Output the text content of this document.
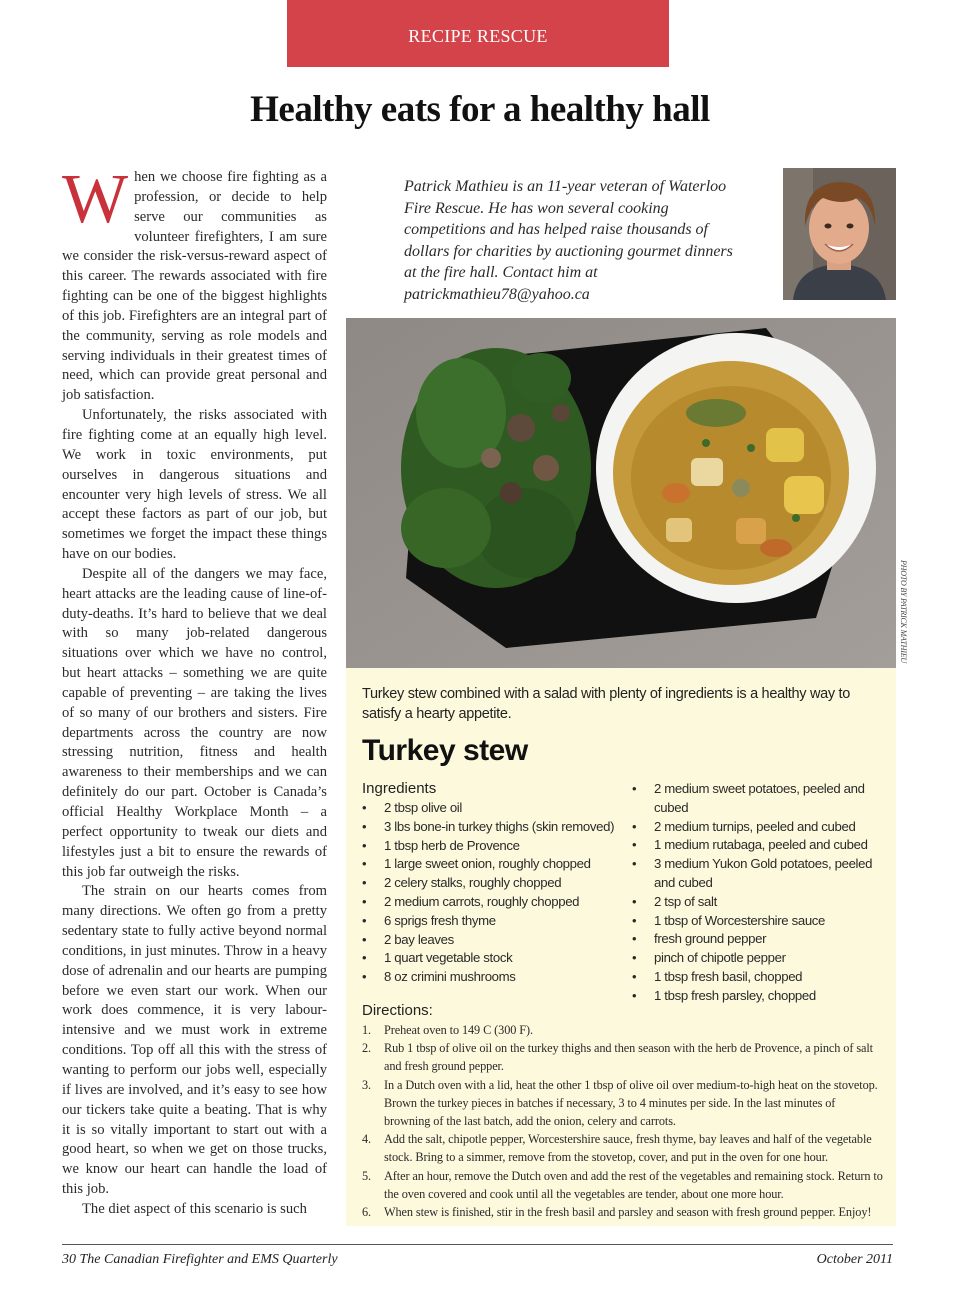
RECIPE RESCUE
Healthy eats for a healthy hall

When we choose fire fighting as a profession, or decide to help serve our communities as volunteer firefighters, I am sure we consider the risk-versus-reward aspect of this career. The rewards associated with fire fighting can be one of the biggest highlights of this job. Firefighters are an integral part of the community, serving as role models and serving individuals in their greatest times of need, which can provide great personal and job satisfaction.

Unfortunately, the risks associated with fire fighting come at an equally high level. We work in toxic environments, put ourselves in dangerous situations and encounter very high levels of stress. We all accept these factors as part of our job, but sometimes we forget the impact these things have on our bodies.

Despite all of the dangers we may face, heart attacks are the leading cause of line-of-duty-deaths. It’s hard to believe that we deal with so many job-related dangerous situations over which we have no control, but heart attacks – something we are quite capable of preventing – are taking the lives of so many of our brothers and sisters. Fire departments across the country are now stressing nutrition, fitness and health awareness to their memberships and we can definitely do our part. October is Canada’s official Healthy Workplace Month – a perfect opportunity to tweak our diets and lifestyles just a bit to ensure the rewards of this job far outweigh the risks.

The strain on our hearts comes from many directions. We often go from a pretty sedentary state to fully active beyond normal conditions, in just minutes. Throw in a heavy dose of adrenalin and our hearts are pumping before we even start our work. When our work does commence, it is very labour-intensive and we must work in extreme conditions. Top off all this with the stress of wanting to perform our jobs well, especially if lives are involved, and it’s easy to see how our tickers take quite a beating. That is why it is so vitally important to start out with a good heart, so when we get on those trucks, we know our heart can handle the load of this job.

The diet aspect of this scenario is such

Patrick Mathieu is an 11-year veteran of Waterloo Fire Rescue. He has won several cooking competitions and has helped raise thousands of dollars for charities by auctioning gourmet dinners at the fire hall. Contact him at patrickmathieu78@yahoo.ca
PHOTO BY PATRICK MATHIEU
Turkey stew combined with a salad with plenty of ingredients is a healthy way to satisfy a hearty appetite.
Turkey stew
Ingredients
• 2 tbsp olive oil
• 3 lbs bone-in turkey thighs (skin removed)
• 1 tbsp herb de Provence
• 1 large sweet onion, roughly chopped
• 2 celery stalks, roughly chopped
• 2 medium carrots, roughly chopped
• 6 sprigs fresh thyme
• 2 bay leaves
• 1 quart vegetable stock
• 8 oz crimini mushrooms
• 2 medium sweet potatoes, peeled and cubed
• 2 medium turnips, peeled and cubed
• 1 medium rutabaga, peeled and cubed
• 3 medium Yukon Gold potatoes, peeled and cubed
• 2 tsp of salt
• 1 tbsp of Worcestershire sauce
• fresh ground pepper
• pinch of chipotle pepper
• 1 tbsp fresh basil, chopped
• 1 tbsp fresh parsley, chopped
Directions:
1. Preheat oven to 149 C (300 F).
2. Rub 1 tbsp of olive oil on the turkey thighs and then season with the herb de Provence, a pinch of salt and fresh ground pepper.
3. In a Dutch oven with a lid, heat the other 1 tbsp of olive oil over medium-to-high heat on the stovetop. Brown the turkey pieces in batches if necessary, 3 to 4 minutes per side. In the last minutes of browning of the last batch, add the onion, celery and carrots.
4. Add the salt, chipotle pepper, Worcestershire sauce, fresh thyme, bay leaves and half of the vegetable stock. Bring to a simmer, remove from the stovetop, cover, and put in the oven for one hour.
5. After an hour, remove the Dutch oven and add the rest of the vegetables and remaining stock. Return to the oven covered and cook until all the vegetables are tender, about one more hour.
6. When stew is finished, stir in the fresh basil and parsley and season with fresh ground pepper. Enjoy!
30 The Canadian Firefighter and EMS Quarterly	October 2011
